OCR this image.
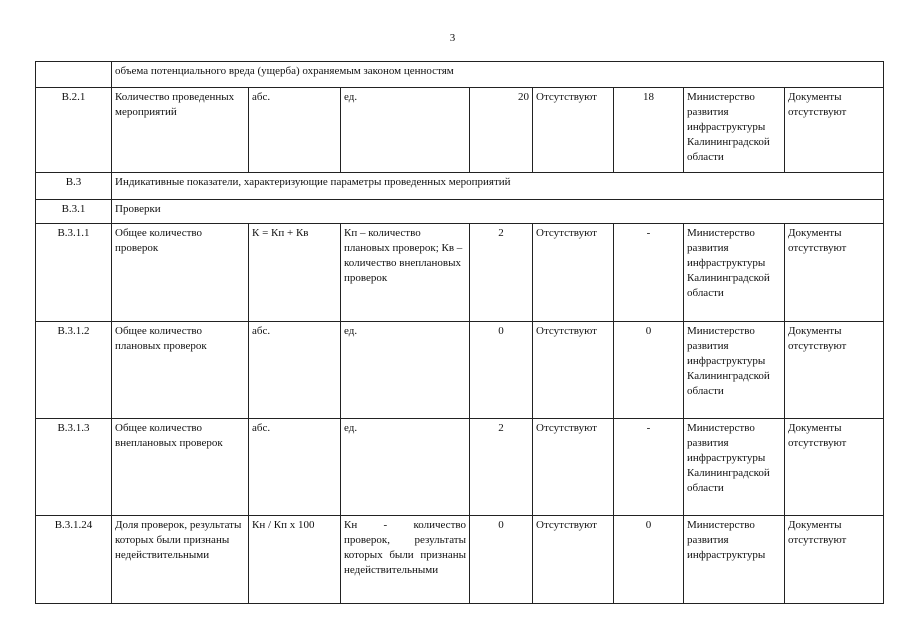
3
	объема потенциального вреда (ущерба) охраняемым законом ценностям							
В.2.1	Количество проведенных мероприятий	абс.	ед.	20	Отсутствуют	18	Министерство развития инфраструктуры Калининградской области	Документы отсутствуют
В.3	Индикативные показатели, характеризующие параметры проведенных мероприятий							
В.3.1	Проверки							
В.3.1.1	Общее количество проверок	К = Кп + Кв	Кп – количество плановых проверок; Кв – количество внеплановых проверок	2	Отсутствуют	-	Министерство развития инфраструктуры Калининградской области	Документы отсутствуют
В.3.1.2	Общее количество плановых проверок	абс.	ед.	0	Отсутствуют	0	Министерство развития инфраструктуры Калининградской области	Документы отсутствуют
В.3.1.3	Общее количество внеплановых проверок	абс.	ед.	2	Отсутствуют	-	Министерство развития инфраструктуры Калининградской области	Документы отсутствуют
В.3.1.24	Доля проверок, результаты которых были признаны недействительными	Кн / Кп х 100	Кн - количество проверок, результаты которых были признаны недействительными	0	Отсутствуют	0	Министерство развития инфраструктуры	Документы отсутствуют
